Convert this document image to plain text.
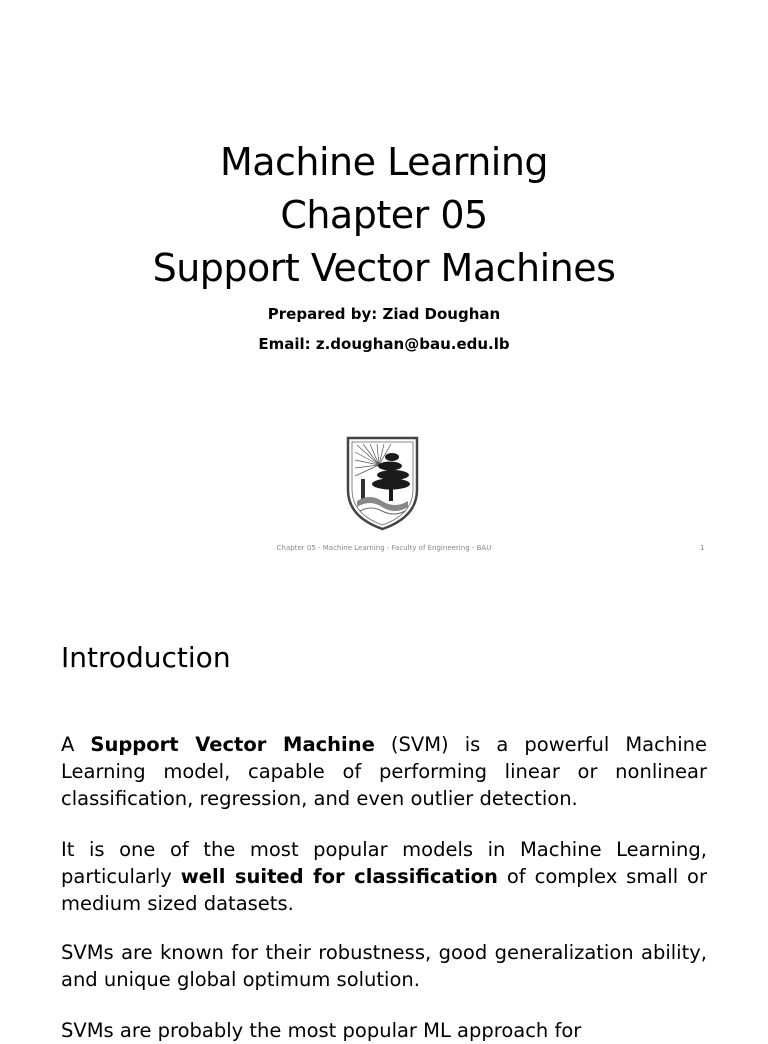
Machine Learning
Chapter 05
Support Vector Machines
Prepared by: Ziad Doughan
Email: z.doughan@bau.edu.lb
Chapter 05 - Machine Learning - Faculty of Engineering - BAU	1
Introduction
A Support Vector Machine (SVM) is a powerful Machine Learning model, capable of performing linear or nonlinear classification, regression, and even outlier detection.
It is one of the most popular models in Machine Learning, particularly well suited for classification of complex small or medium sized datasets.
SVMs are known for their robustness, good generalization ability, and unique global optimum solution.
SVMs are probably the most popular ML approach for
